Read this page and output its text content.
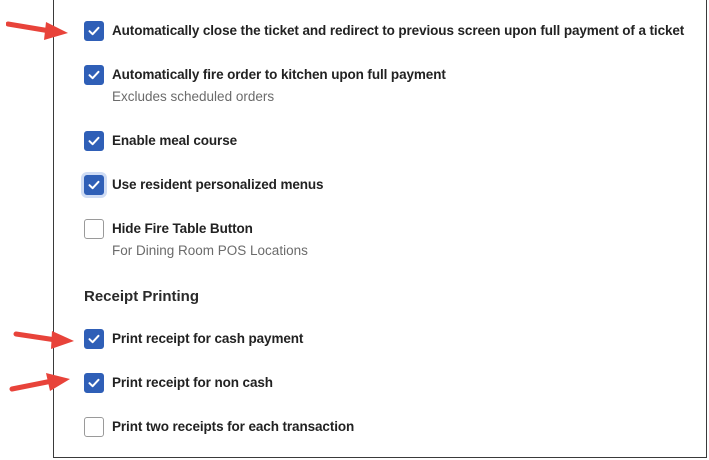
Automatically close the ticket and redirect to previous screen upon full payment of a ticket
Automatically fire order to kitchen upon full payment
Excludes scheduled orders
Enable meal course
Use resident personalized menus
Hide Fire Table Button
For Dining Room POS Locations
Receipt Printing
Print receipt for cash payment
Print receipt for non cash
Print two receipts for each transaction
